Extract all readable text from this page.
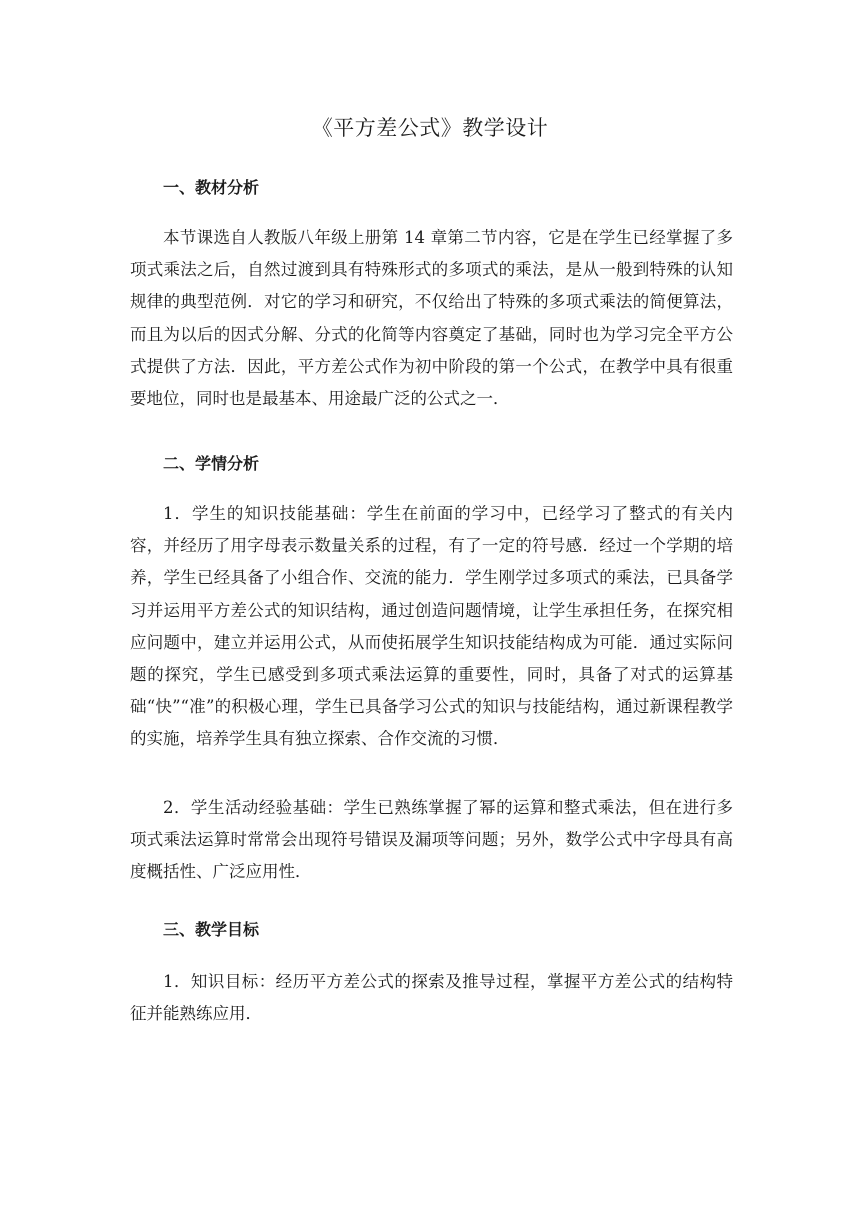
《平方差公式》教学设计
一、教材分析

本节课选自人教版八年级上册第 14 章第二节内容，它是在学生已经掌握了多项式乘法之后，自然过渡到具有特殊形式的多项式的乘法，是从一般到特殊的认知规律的典型范例．对它的学习和研究，不仅给出了特殊的多项式乘法的简便算法，而且为以后的因式分解、分式的化简等内容奠定了基础，同时也为学习完全平方公式提供了方法．因此，平方差公式作为初中阶段的第一个公式，在教学中具有很重要地位，同时也是最基本、用途最广泛的公式之一．

二、学情分析

1．学生的知识技能基础：学生在前面的学习中，已经学习了整式的有关内容，并经历了用字母表示数量关系的过程，有了一定的符号感．经过一个学期的培养，学生已经具备了小组合作、交流的能力．学生刚学过多项式的乘法，已具备学习并运用平方差公式的知识结构，通过创造问题情境，让学生承担任务，在探究相应问题中，建立并运用公式，从而使拓展学生知识技能结构成为可能．通过实际问题的探究，学生已感受到多项式乘法运算的重要性，同时，具备了对式的运算基础“快”“准”的积极心理，学生已具备学习公式的知识与技能结构，通过新课程教学的实施，培养学生具有独立探索、合作交流的习惯．

2．学生活动经验基础：学生已熟练掌握了幂的运算和整式乘法，但在进行多项式乘法运算时常常会出现符号错误及漏项等问题；另外，数学公式中字母具有高度概括性、广泛应用性．

三、教学目标

1．知识目标：经历平方差公式的探索及推导过程，掌握平方差公式的结构特征并能熟练应用．
